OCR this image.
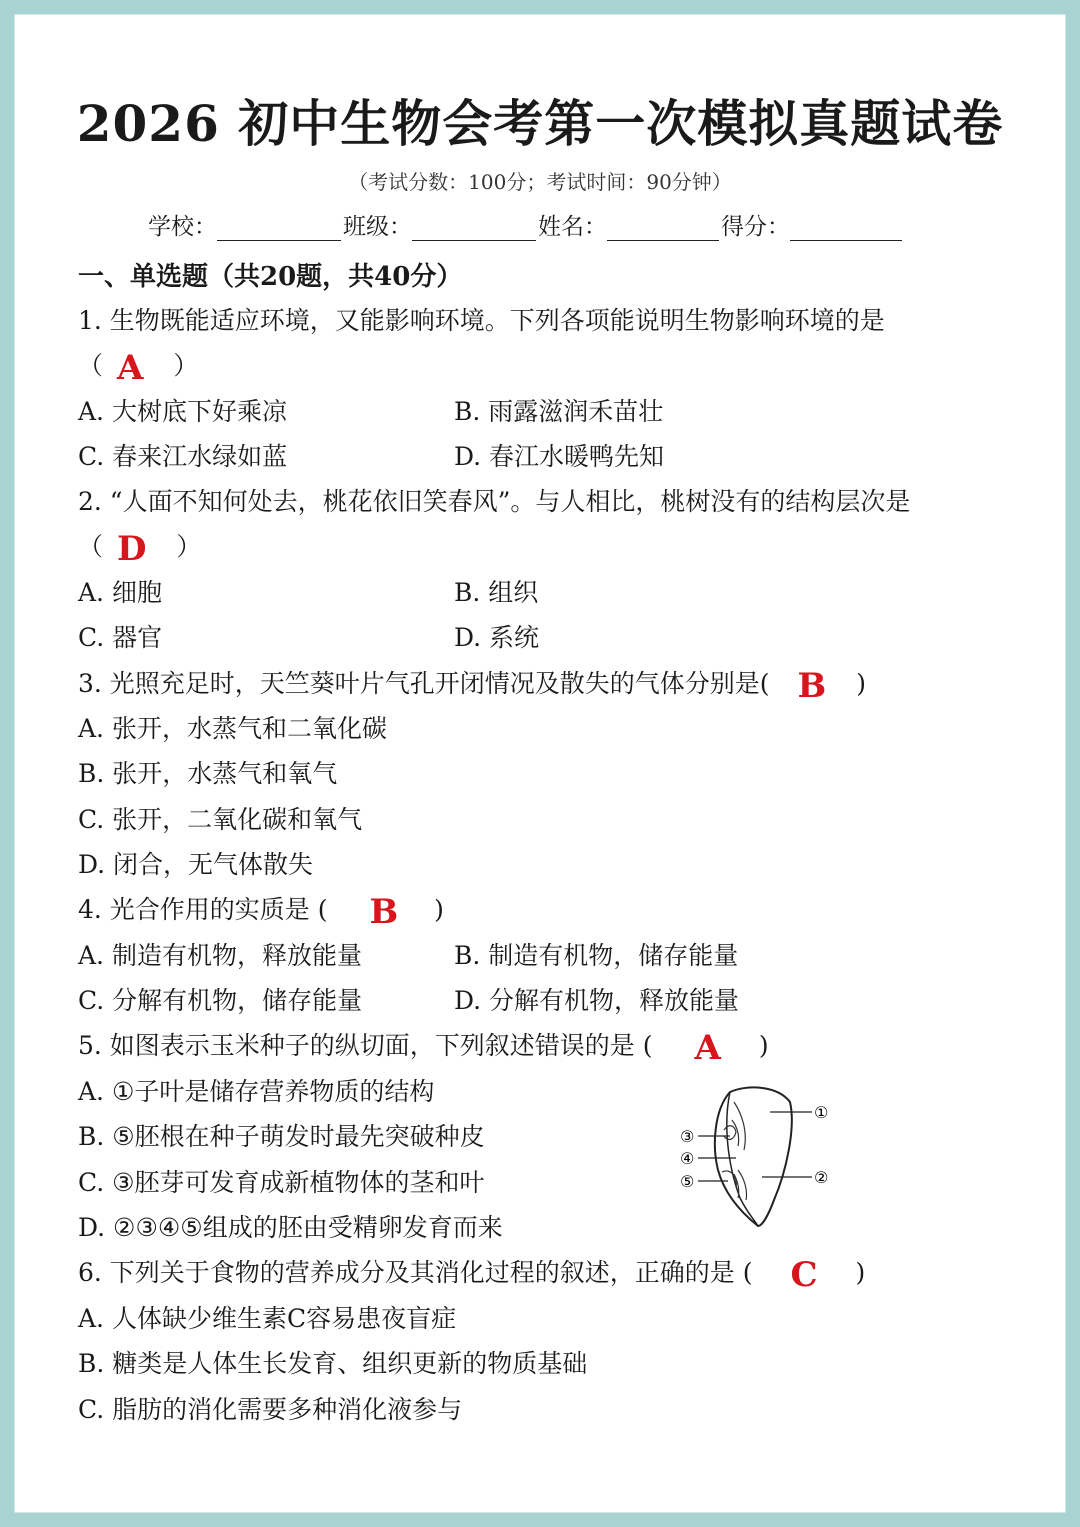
2026 初中生物会考第一次模拟真题试卷
（考试分数：100分；考试时间：90分钟）
学校：	班级：	姓名：	得分：
一、单选题（共20题，共40分）
1. 生物既能适应环境，又能影响环境。下列各项能说明生物影响环境的是
（ A ）
A. 大树底下好乘凉	B. 雨露滋润禾苗壮
C. 春来江水绿如蓝	D. 春江水暖鸭先知
2. “人面不知何处去，桃花依旧笑春风”。与人相比，桃树没有的结构层次是
（ D ）
A. 细胞	B. 组织
C. 器官	D. 系统
3. 光照充足时，天竺葵叶片气孔开闭情况及散失的气体分别是( B )
A. 张开，水蒸气和二氧化碳
B. 张开，水蒸气和氧气
C. 张开，二氧化碳和氧气
D. 闭合，无气体散失
4. 光合作用的实质是 ( B )
A. 制造有机物，释放能量	B. 制造有机物，储存能量
C. 分解有机物，储存能量	D. 分解有机物，释放能量
5. 如图表示玉米种子的纵切面，下列叙述错误的是 ( A )
A. ①子叶是储存营养物质的结构
B. ⑤胚根在种子萌发时最先突破种皮
C. ③胚芽可发育成新植物体的茎和叶
D. ②③④⑤组成的胚由受精卵发育而来
①
②
③
④
⑤
6. 下列关于食物的营养成分及其消化过程的叙述，正确的是 ( C )
A. 人体缺少维生素C容易患夜盲症
B. 糖类是人体生长发育、组织更新的物质基础
C. 脂肪的消化需要多种消化液参与
